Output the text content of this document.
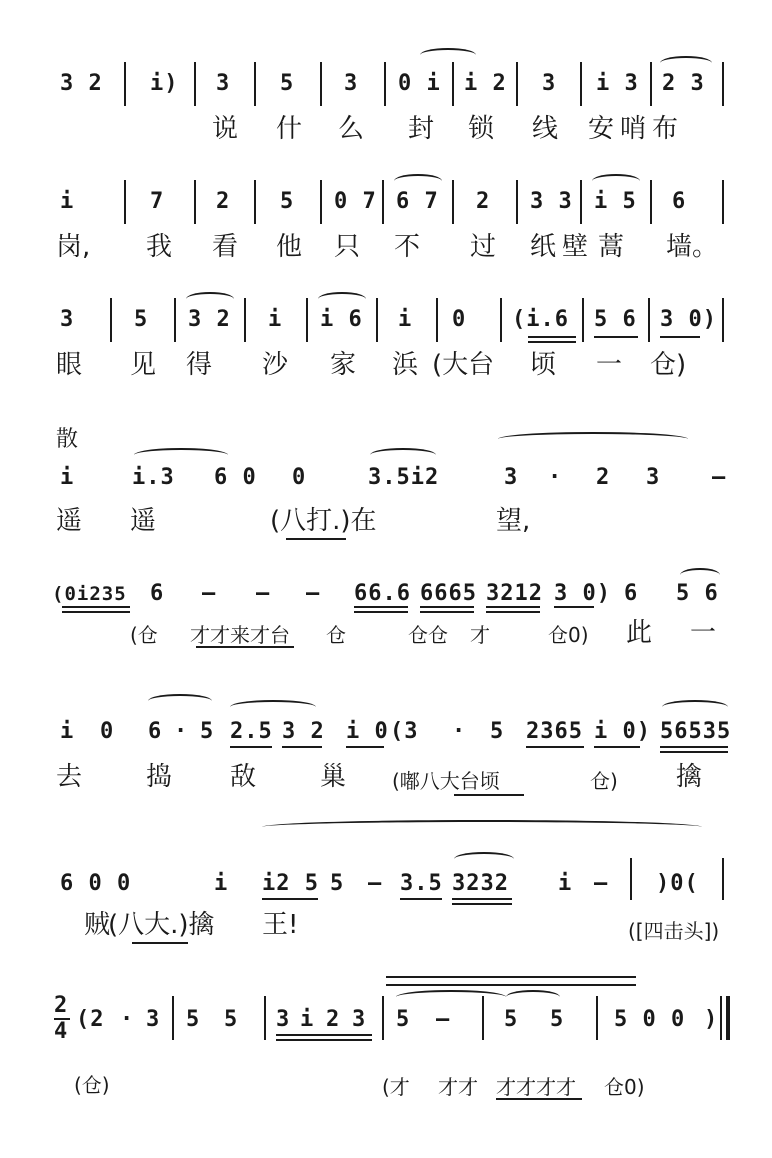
3 2 i) 3 5 3 0 i i 2 3 i 3 2 3
说 什 么 封 锁 线 安 哨 布
i	7 2 5 0 7 6 7 2 3 3 i 5 6
岗, 我 看 他 只 不 过 纸 壁 蒿 墙。
3	5 3 2 i i 6 i 0 (i.6 5 6 3 0)
眼 见 得 沙 家 浜 (大台 顷 一 仓)
散
i	i.3 6 0 0	3.5i2	3 · 2 3 –
遥 遥	(八打.)在	望,
(0i235 6 – – – 66.6 6665 3212 3 0) 6 5 6
(仓 才才来才台 仓	仓仓 才	仓0) 此 一
i 0 6 · 5 2.5 3 2 i 0 (3 · 5 2365 i 0) 56535
去 捣 敌 巢 (嘟八大台顷	仓) 擒
6 0 0	i i2 5 5 – 3.5 3232 i – )0(
贼
(八大.)擒 王!	([四击头])
2
4 (2 · 3 5 5 3 i 2 3 5 – 5 5 5 0 0 )
(仓)	(才 才才 才才才才 仓0)
